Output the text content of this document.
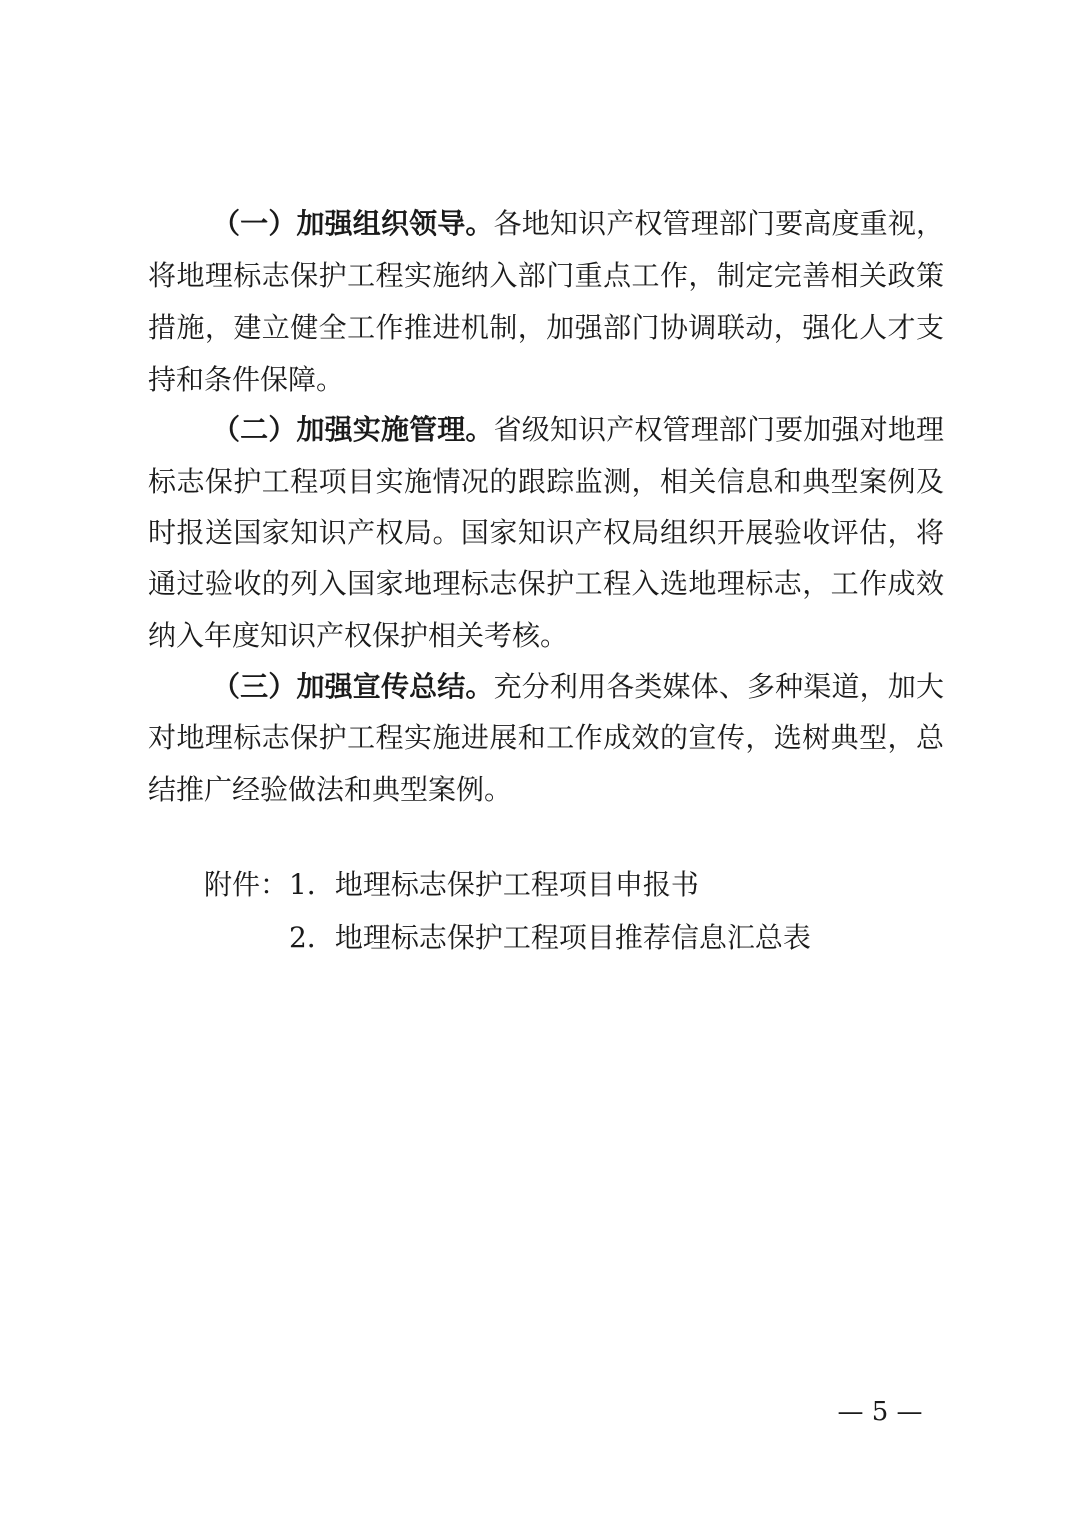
（一）加强组织领导。各地知识产权管理部门要高度重视，

将地理标志保护工程实施纳入部门重点工作，制定完善相关政策

措施，建立健全工作推进机制，加强部门协调联动，强化人才支

持和条件保障。

（二）加强实施管理。省级知识产权管理部门要加强对地理

标志保护工程项目实施情况的跟踪监测，相关信息和典型案例及

时报送国家知识产权局。国家知识产权局组织开展验收评估，将

通过验收的列入国家地理标志保护工程入选地理标志，工作成效

纳入年度知识产权保护相关考核。

（三）加强宣传总结。充分利用各类媒体、多种渠道，加大

对地理标志保护工程实施进展和工作成效的宣传，选树典型，总

结推广经验做法和典型案例。

附件： 1．地理标志保护工程项目申报书

2．地理标志保护工程项目推荐信息汇总表

— 5 —
